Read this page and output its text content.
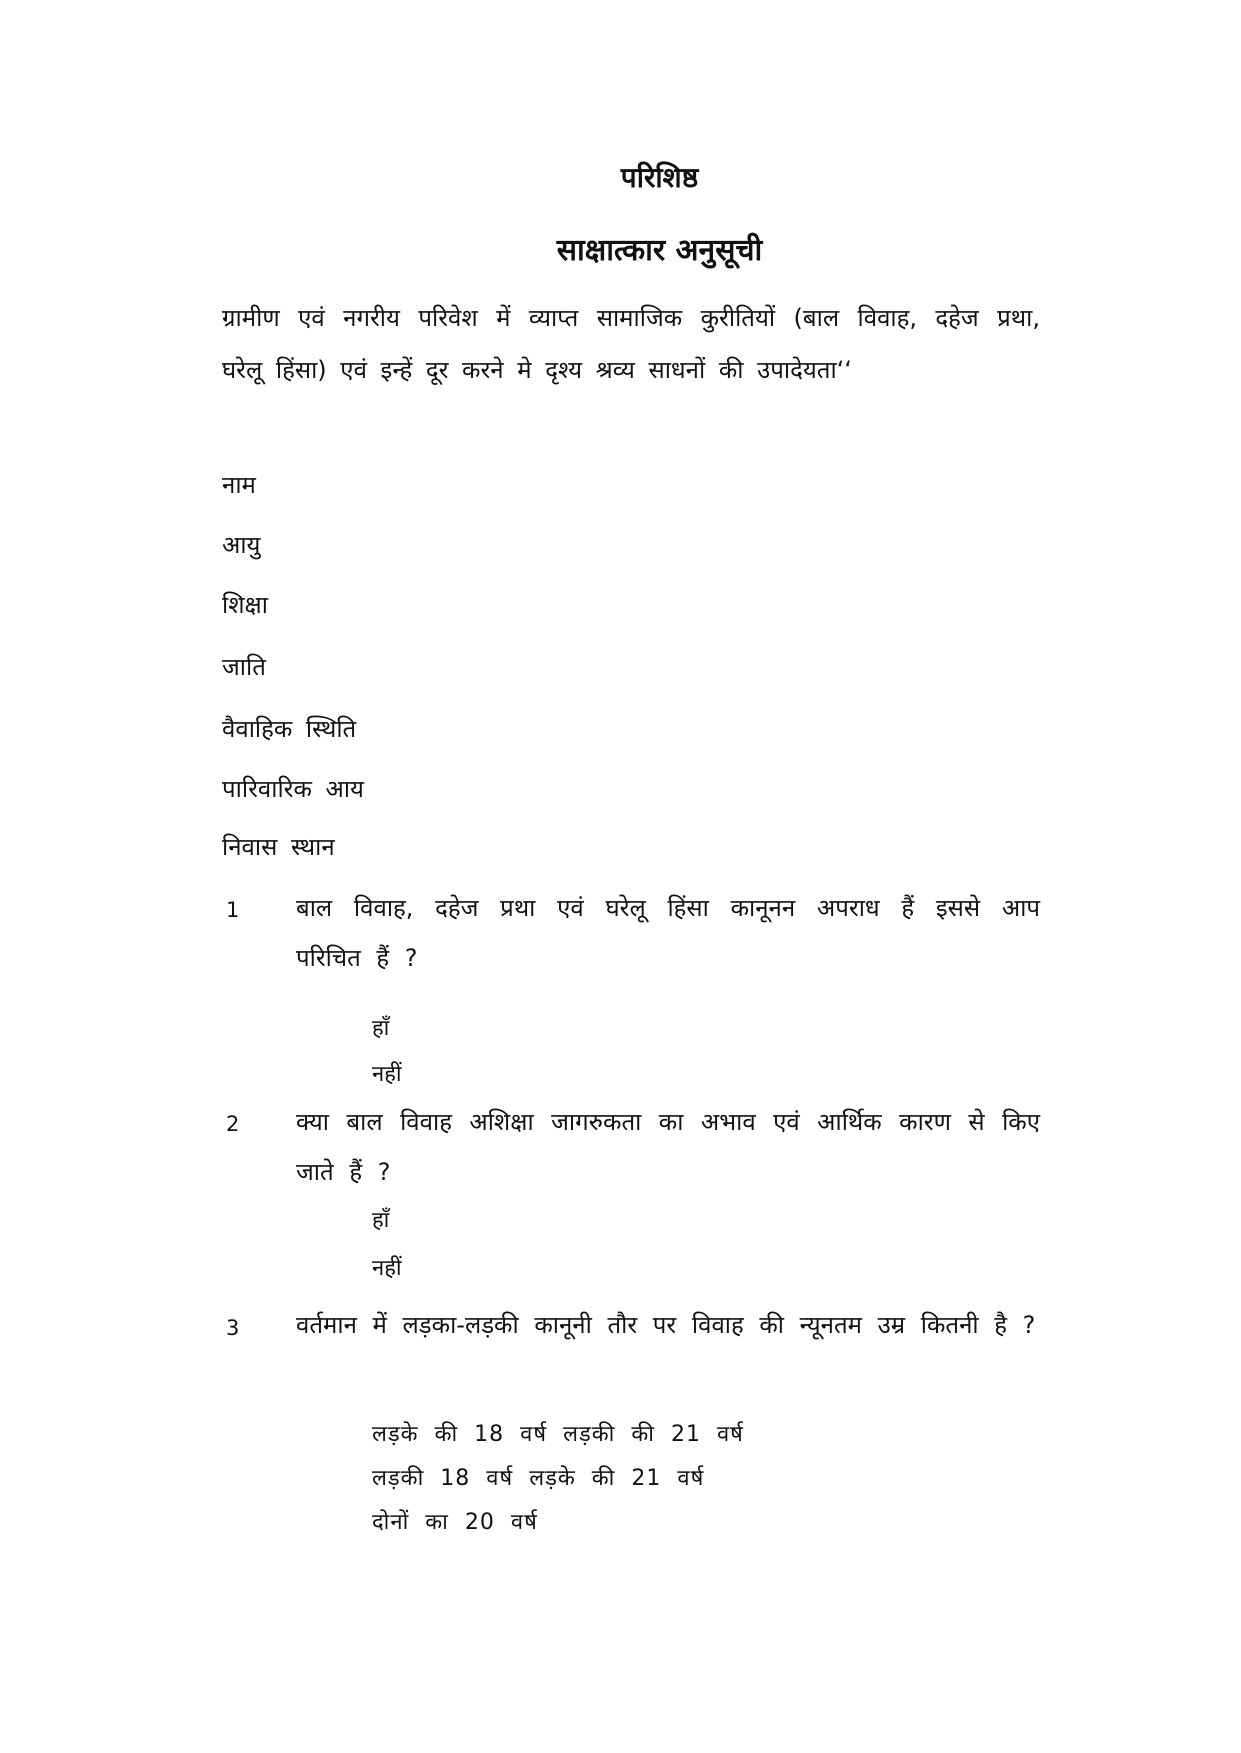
परिशिष्ठ
साक्षात्कार अनुसूची
ग्रामीण एवं नगरीय परिवेश में व्याप्त सामाजिक कुरीतियों (बाल विवाह, दहेज प्रथा, घरेलू हिंसा) एवं इन्हें दूर करने मे दृश्य श्रव्य साधनों की उपादेयता‘‘
नाम
आयु
शिक्षा
जाति
वैवाहिक स्थिति
पारिवारिक आय
निवास स्थान
1 बाल विवाह, दहेज प्रथा एवं घरेलू हिंसा कानूनन अपराध हैं इससे आप परिचित हैं ?
हाँ
नहीं
2 क्या बाल विवाह अशिक्षा जागरुकता का अभाव एवं आर्थिक कारण से किए जाते हैं ?
हाँ
नहीं
3 वर्तमान में लड़का-लड़की कानूनी तौर पर विवाह की न्यूनतम उम्र कितनी है ?
लड़के की 18 वर्ष लड़की की 21 वर्ष
लड़की 18 वर्ष लड़के की 21 वर्ष
दोनों का 20 वर्ष
